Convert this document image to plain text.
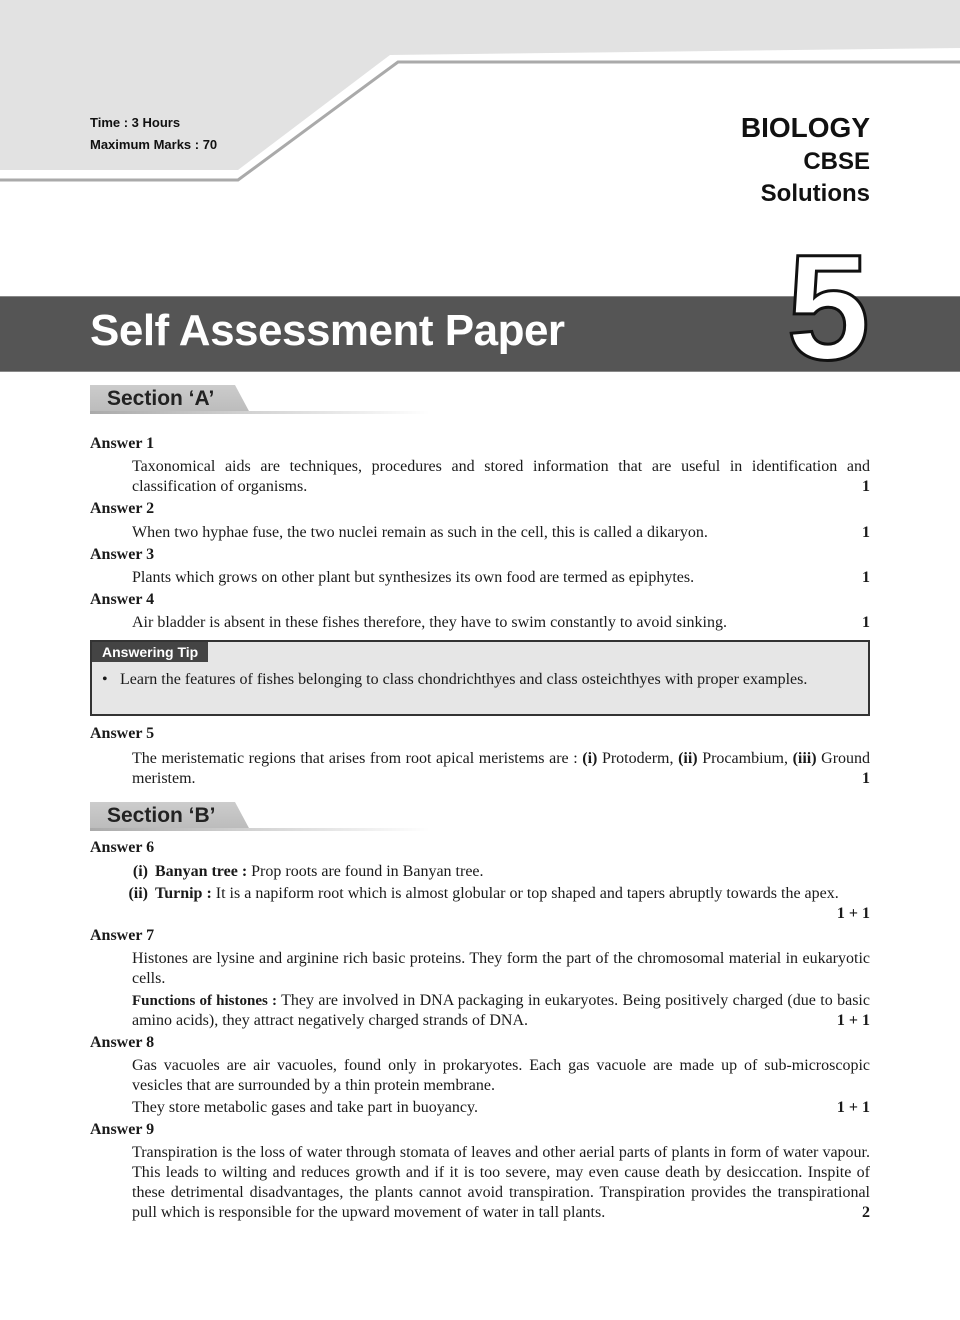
Time : 3 Hours
Maximum Marks : 70
BIOLOGY
CBSE
Solutions
Self Assessment Paper 5
Section ‘A’
Answer 1
Taxonomical aids are techniques, procedures and stored information that are useful in identification and classification of organisms.	1
Answer 2
When two hyphae fuse, the two nuclei remain as such in the cell, this is called a dikaryon.	1
Answer 3
Plants which grows on other plant but synthesizes its own food are termed as epiphytes.	1
Answer 4
Air bladder is absent in these fishes therefore, they have to swim constantly to avoid sinking.	1
Answering Tip
• Learn the features of fishes belonging to class chondrichthyes and class osteichthyes with proper examples.
Answer 5
The meristematic regions that arises from root apical meristems are : (i) Protoderm, (ii) Procambium, (iii) Ground meristem.	1
Section ‘B’
Answer 6
(i) Banyan tree : Prop roots are found in Banyan tree.
(ii) Turnip : It is a napiform root which is almost globular or top shaped and tapers abruptly towards the apex.
1 + 1
Answer 7
Histones are lysine and arginine rich basic proteins. They form the part of the chromosomal material in eukaryotic cells.
Functions of histones : They are involved in DNA packaging in eukaryotes. Being positively charged (due to basic amino acids), they attract negatively charged strands of DNA.	1 + 1
Answer 8
Gas vacuoles are air vacuoles, found only in prokaryotes. Each gas vacuole are made up of sub-microscopic vesicles that are surrounded by a thin protein membrane.
They store metabolic gases and take part in buoyancy.	1 + 1
Answer 9
Transpiration is the loss of water through stomata of leaves and other aerial parts of plants in form of water vapour. This leads to wilting and reduces growth and if it is too severe, may even cause death by desiccation. Inspite of these detrimental disadvantages, the plants cannot avoid transpiration. Transpiration provides the transpirational pull which is responsible for the upward movement of water in tall plants.	2
